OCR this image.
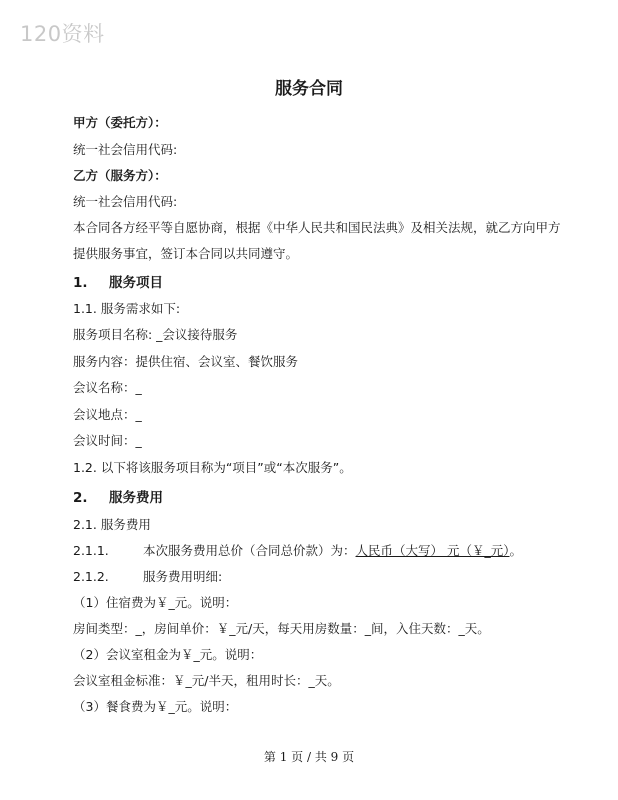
120资料
服务合同
甲方（委托方）：
统一社会信用代码:
乙方（服务方）：
统一社会信用代码:
本合同各方经平等自愿协商，根据《中华人民共和国民法典》及相关法规，就乙方向甲方
提供服务事宜，签订本合同以共同遵守。
1. 服务项目
1.1. 服务需求如下:
服务项目名称: _会议接待服务
服务内容：提供住宿、会议室、餐饮服务
会议名称：_
会议地点：_
会议时间：_
1.2. 以下将该服务项目称为“项目”或“本次服务”。
2. 服务费用
2.1. 服务费用
2.1.1.	本次服务费用总价（合同总价款）为：人民币（大写） 元（￥_元）。
2.1.2.	服务费用明细:
（1）住宿费为￥_元。说明：
房间类型：_，房间单价：￥_元/天，每天用房数量：_间，入住天数：_天。
（2）会议室租金为￥_元。说明：
会议室租金标准：￥_元/半天，租用时长：_天。
（3）餐食费为￥_元。说明：
第 1 页 / 共 9 页
